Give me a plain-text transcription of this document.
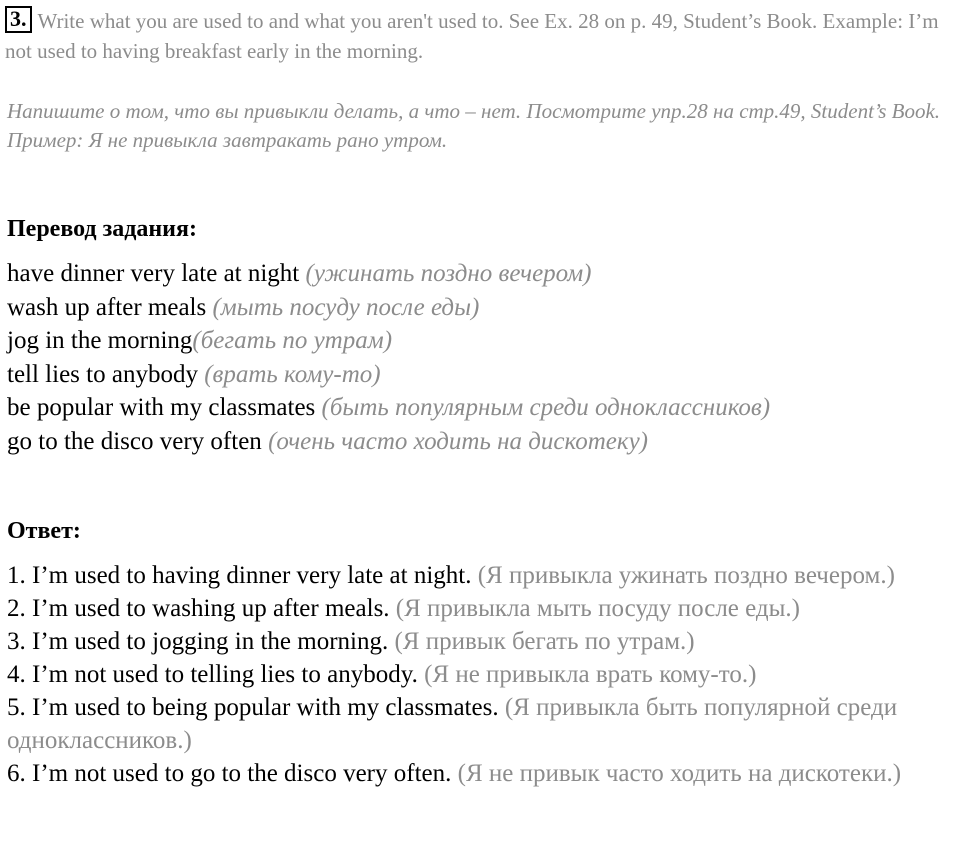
3. Write what you are used to and what you aren't used to. See Ex. 28 on p. 49, Student’s Book. Example: I’m not used to having breakfast early in the morning.
Напишите о том, что вы привыкли делать, а что – нет. Посмотрите упр.28 на стр.49, Student’s Book. Пример: Я не привыкла завтракать рано утром.
Перевод задания:
have dinner very late at night (ужинать поздно вечером)
wash up after meals (мыть посуду после еды)
jog in the morning(бегать по утрам)
tell lies to anybody (врать кому-то)
be popular with my classmates (быть популярным среди одноклассников)
go to the disco very often (очень часто ходить на дискотеку)
Ответ:
1. I’m used to having dinner very late at night. (Я привыкла ужинать поздно вечером.)
2. I’m used to washing up after meals. (Я привыкла мыть посуду после еды.)
3. I’m used to jogging in the morning. (Я привык бегать по утрам.)
4. I’m not used to telling lies to anybody. (Я не привыкла врать кому-то.)
5. I’m used to being popular with my classmates. (Я привыкла быть популярной среди одноклассников.)
6. I’m not used to go to the disco very often. (Я не привык часто ходить на дискотеки.)
